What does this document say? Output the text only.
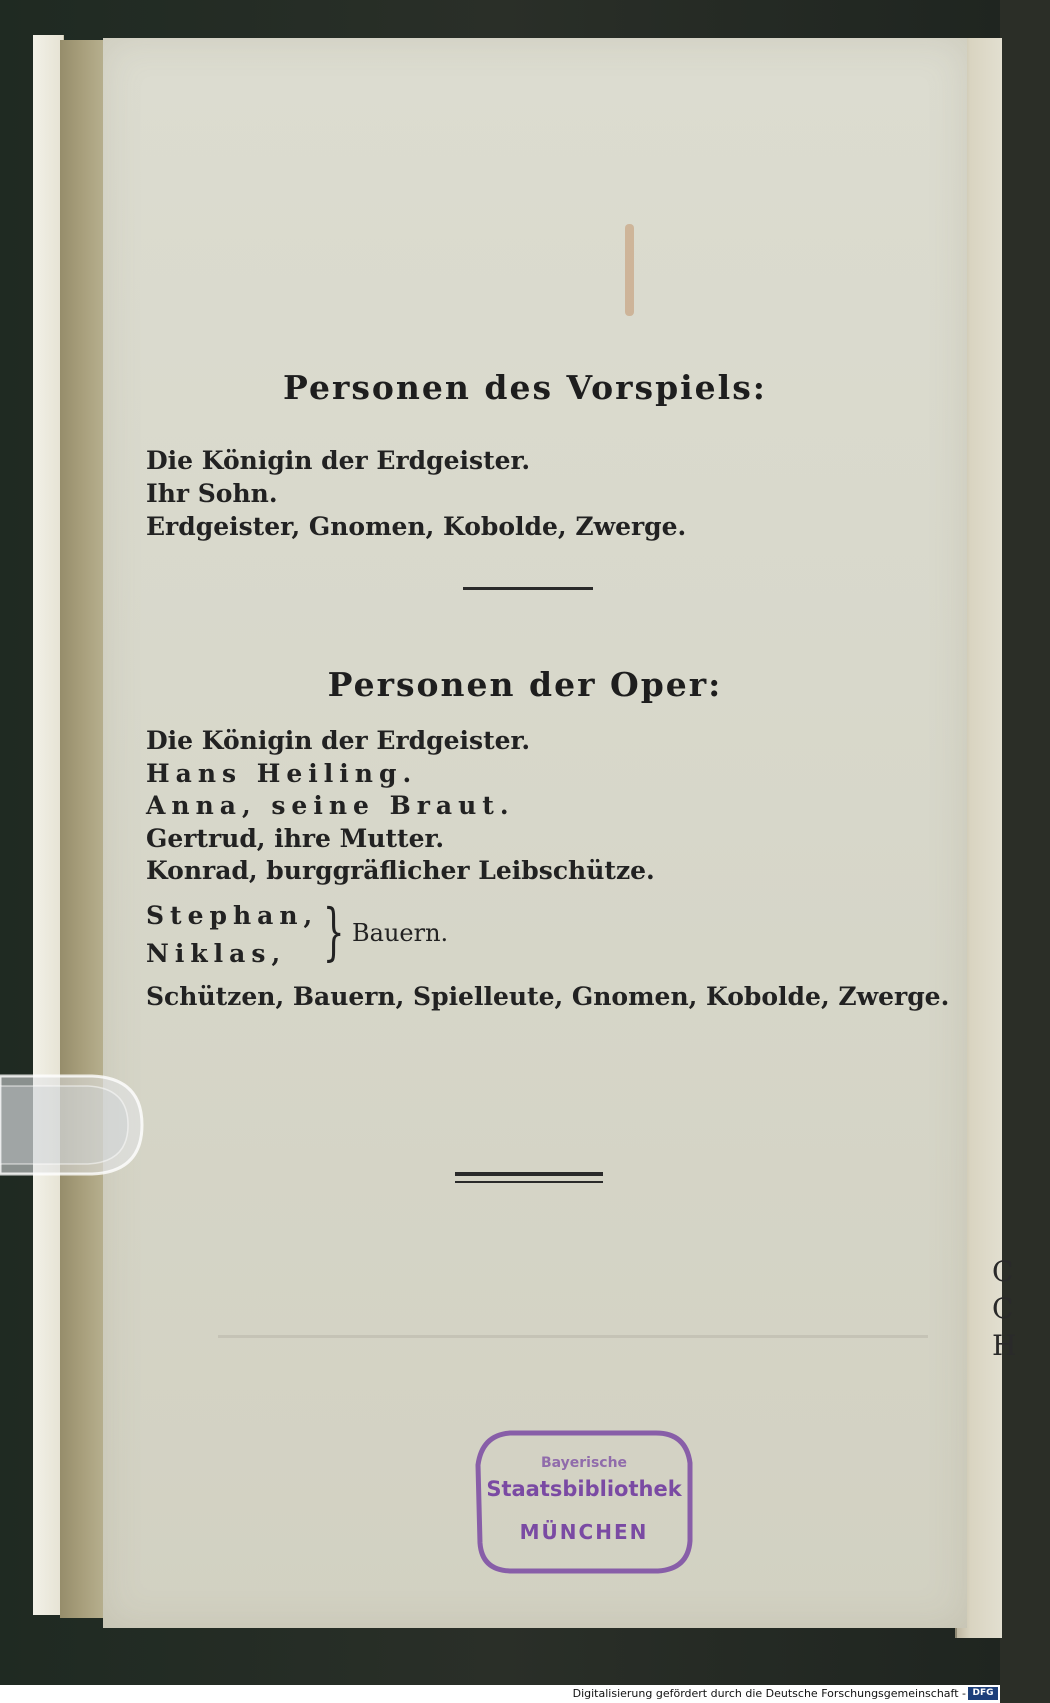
C
C
H
Personen des Vorspiels:
Die Königin der Erdgeister.
Ihr Sohn.
Erdgeister, Gnomen, Kobolde, Zwerge.
Personen der Oper:
Die Königin der Erdgeister.
Hans Heiling.
Anna, seine Braut.
Gertrud, ihre Mutter.
Konrad, burggräflicher Leibschütze.
Stephan,
Niklas, } Bauern.
Schützen, Bauern, Spielleute, Gnomen, Kobolde, Zwerge.
Bayerische
Staatsbibliothek
MÜNCHEN
Digitalisierung gefördert durch die Deutsche Forschungsgemeinschaft - DFG
